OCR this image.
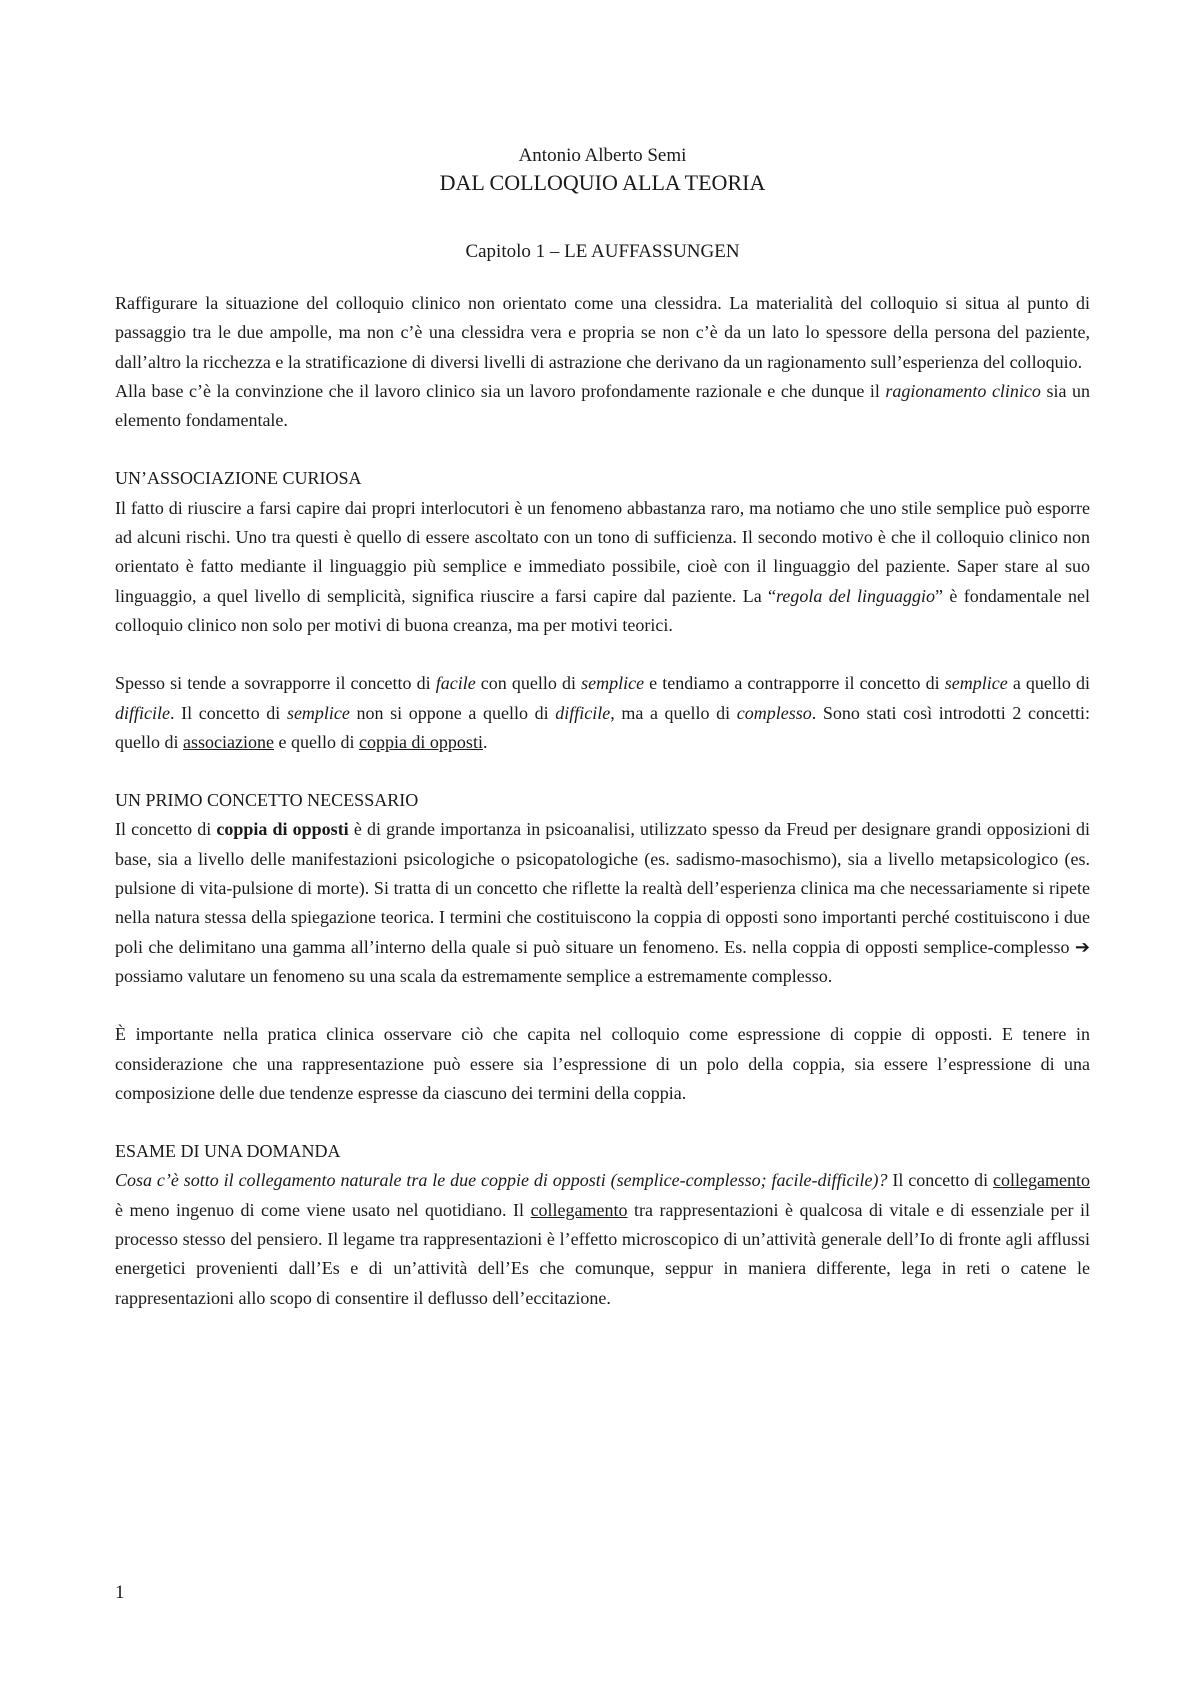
Antonio Alberto Semi
DAL COLLOQUIO ALLA TEORIA
Capitolo 1 – LE AUFFASSUNGEN

Raffigurare la situazione del colloquio clinico non orientato come una clessidra. La materialità del colloquio si situa al punto di passaggio tra le due ampolle, ma non c’è una clessidra vera e propria se non c’è da un lato lo spessore della persona del paziente, dall’altro la ricchezza e la stratificazione di diversi livelli di astrazione che derivano da un ragionamento sull’esperienza del colloquio.

Alla base c’è la convinzione che il lavoro clinico sia un lavoro profondamente razionale e che dunque il ragionamento clinico sia un elemento fondamentale.

UN’ASSOCIAZIONE CURIOSA

Il fatto di riuscire a farsi capire dai propri interlocutori è un fenomeno abbastanza raro, ma notiamo che uno stile semplice può esporre ad alcuni rischi. Uno tra questi è quello di essere ascoltato con un tono di sufficienza. Il secondo motivo è che il colloquio clinico non orientato è fatto mediante il linguaggio più semplice e immediato possibile, cioè con il linguaggio del paziente. Saper stare al suo linguaggio, a quel livello di semplicità, significa riuscire a farsi capire dal paziente. La “regola del linguaggio” è fondamentale nel colloquio clinico non solo per motivi di buona creanza, ma per motivi teorici.

Spesso si tende a sovrapporre il concetto di facile con quello di semplice e tendiamo a contrapporre il concetto di semplice a quello di difficile. Il concetto di semplice non si oppone a quello di difficile, ma a quello di complesso. Sono stati così introdotti 2 concetti: quello di associazione e quello di coppia di opposti.

UN PRIMO CONCETTO NECESSARIO

Il concetto di coppia di opposti è di grande importanza in psicoanalisi, utilizzato spesso da Freud per designare grandi opposizioni di base, sia a livello delle manifestazioni psicologiche o psicopatologiche (es. sadismo-masochismo), sia a livello metapsicologico (es. pulsione di vita-pulsione di morte). Si tratta di un concetto che riflette la realtà dell’esperienza clinica ma che necessariamente si ripete nella natura stessa della spiegazione teorica. I termini che costituiscono la coppia di opposti sono importanti perché costituiscono i due poli che delimitano una gamma all’interno della quale si può situare un fenomeno. Es. nella coppia di opposti semplice-complesso ➔ possiamo valutare un fenomeno su una scala da estremamente semplice a estremamente complesso.

È importante nella pratica clinica osservare ciò che capita nel colloquio come espressione di coppie di opposti. E tenere in considerazione che una rappresentazione può essere sia l’espressione di un polo della coppia, sia essere l’espressione di una composizione delle due tendenze espresse da ciascuno dei termini della coppia.

ESAME DI UNA DOMANDA

Cosa c’è sotto il collegamento naturale tra le due coppie di opposti (semplice-complesso; facile-difficile)? Il concetto di collegamento è meno ingenuo di come viene usato nel quotidiano. Il collegamento tra rappresentazioni è qualcosa di vitale e di essenziale per il processo stesso del pensiero. Il legame tra rappresentazioni è l’effetto microscopico di un’attività generale dell’Io di fronte agli afflussi energetici provenienti dall’Es e di un’attività dell’Es che comunque, seppur in maniera differente, lega in reti o catene le rappresentazioni allo scopo di consentire il deflusso dell’eccitazione.

1
